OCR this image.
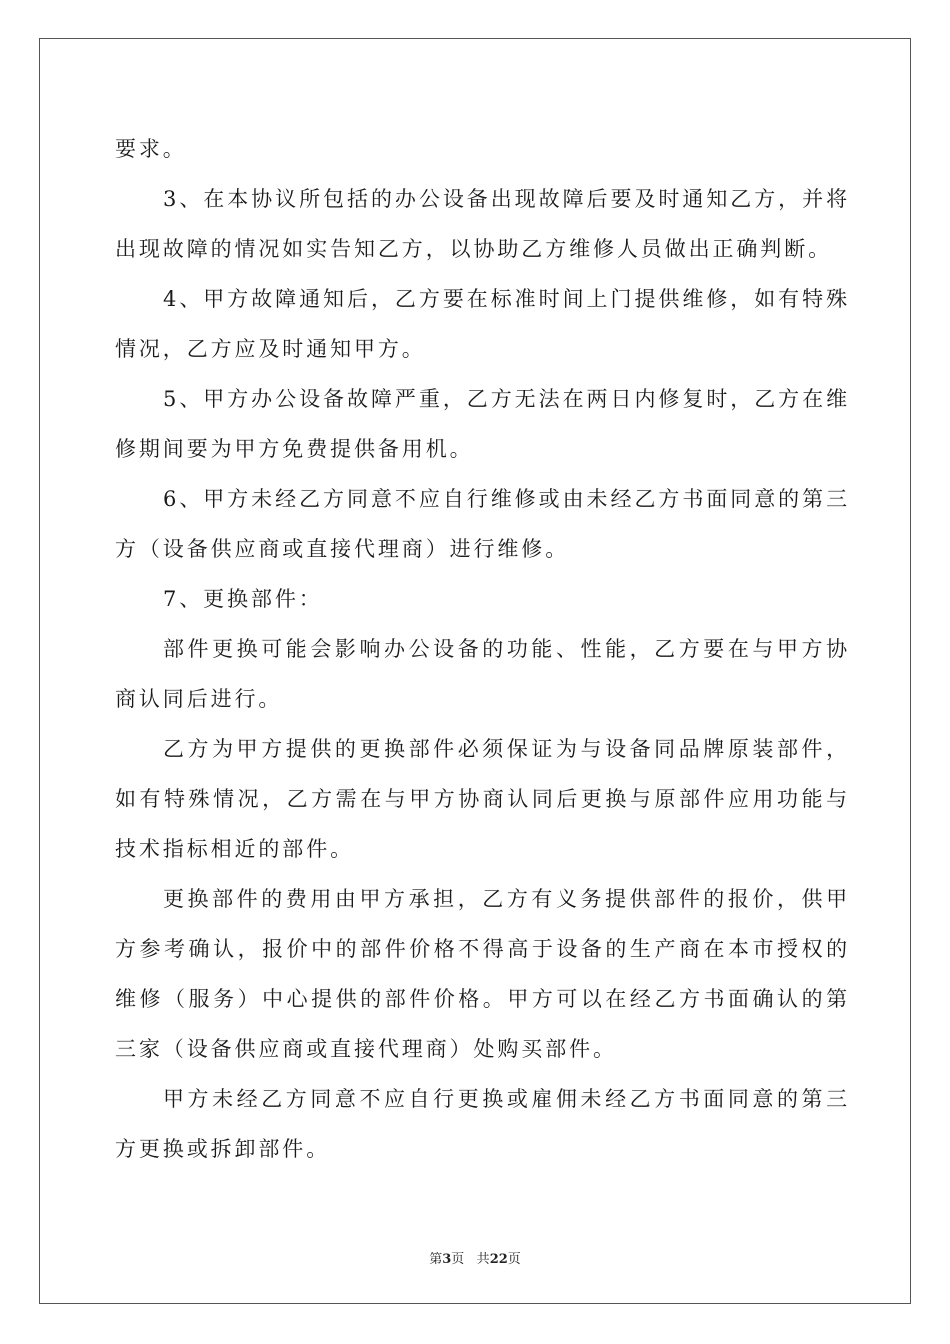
要求。

3、在本协议所包括的办公设备出现故障后要及时通知乙方，并将出现故障的情况如实告知乙方，以协助乙方维修人员做出正确判断。

4、甲方故障通知后，乙方要在标准时间上门提供维修，如有特殊情况，乙方应及时通知甲方。

5、甲方办公设备故障严重，乙方无法在两日内修复时，乙方在维修期间要为甲方免费提供备用机。

6、甲方未经乙方同意不应自行维修或由未经乙方书面同意的第三方（设备供应商或直接代理商）进行维修。

7、更换部件：

部件更换可能会影响办公设备的功能、性能，乙方要在与甲方协商认同后进行。

乙方为甲方提供的更换部件必须保证为与设备同品牌原装部件，如有特殊情况，乙方需在与甲方协商认同后更换与原部件应用功能与技术指标相近的部件。

更换部件的费用由甲方承担，乙方有义务提供部件的报价，供甲方参考确认，报价中的部件价格不得高于设备的生产商在本市授权的维修（服务）中心提供的部件价格。甲方可以在经乙方书面确认的第三家（设备供应商或直接代理商）处购买部件。

甲方未经乙方同意不应自行更换或雇佣未经乙方书面同意的第三方更换或拆卸部件。

第3页 共22页
